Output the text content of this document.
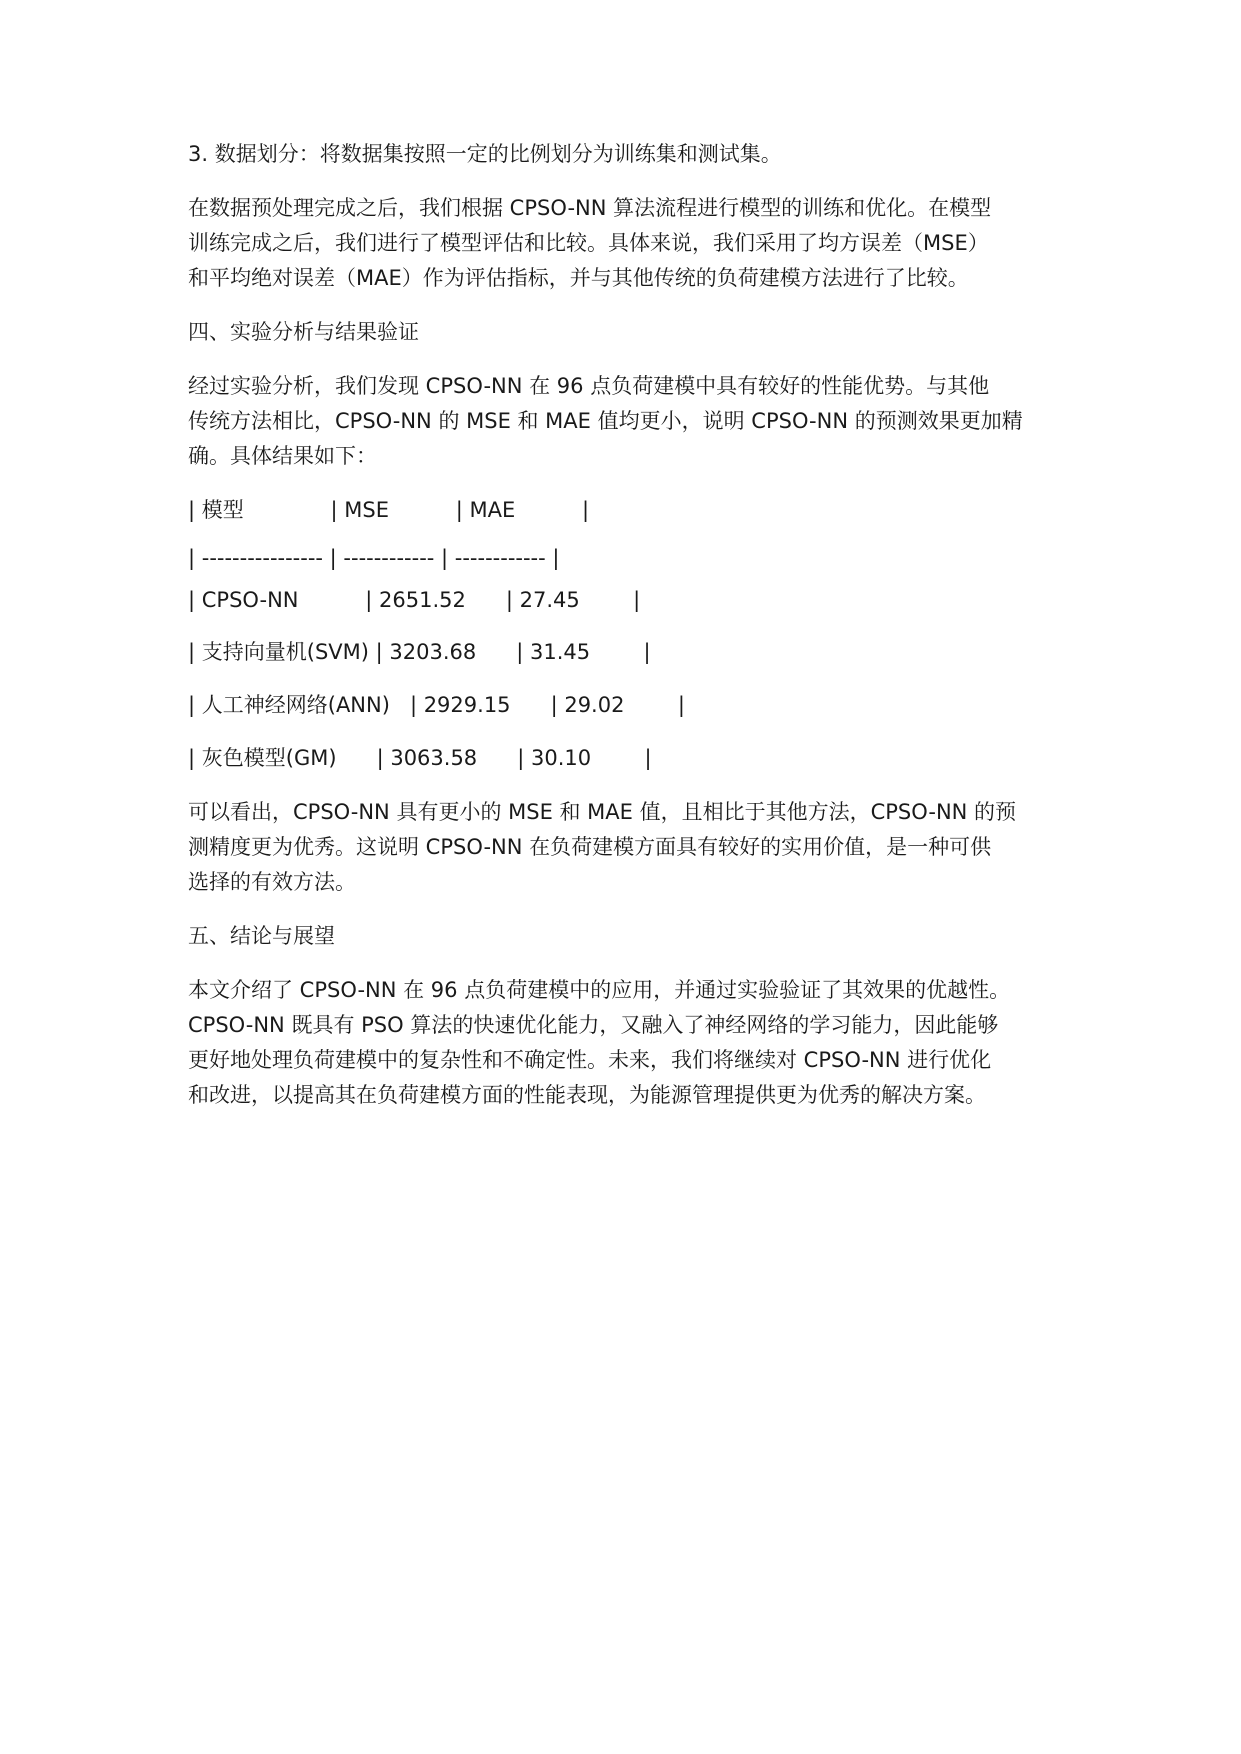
3. 数据划分：将数据集按照一定的比例划分为训练集和测试集。

在数据预处理完成之后，我们根据 CPSO-NN 算法流程进行模型的训练和优化。在模型

训练完成之后，我们进行了模型评估和比较。具体来说，我们采用了均方误差（MSE）

和平均绝对误差（MAE）作为评估指标，并与其他传统的负荷建模方法进行了比较。

四、实验分析与结果验证

经过实验分析，我们发现 CPSO-NN 在 96 点负荷建模中具有较好的性能优势。与其他

传统方法相比，CPSO-NN 的 MSE 和 MAE 值均更小，说明 CPSO-NN 的预测效果更加精

确。具体结果如下：

| 模型             | MSE          | MAE          |

| ---------------- | ------------ | ------------ |

| CPSO-NN          | 2651.52      | 27.45        |

| 支持向量机(SVM) | 3203.68      | 31.45        |

| 人工神经网络(ANN)   | 2929.15      | 29.02        |

| 灰色模型(GM)      | 3063.58      | 30.10        |

可以看出，CPSO-NN 具有更小的 MSE 和 MAE 值，且相比于其他方法，CPSO-NN 的预

测精度更为优秀。这说明 CPSO-NN 在负荷建模方面具有较好的实用价值，是一种可供

选择的有效方法。

五、结论与展望

本文介绍了 CPSO-NN 在 96 点负荷建模中的应用，并通过实验验证了其效果的优越性。

CPSO-NN 既具有 PSO 算法的快速优化能力，又融入了神经网络的学习能力，因此能够

更好地处理负荷建模中的复杂性和不确定性。未来，我们将继续对 CPSO-NN 进行优化

和改进，以提高其在负荷建模方面的性能表现，为能源管理提供更为优秀的解决方案。
